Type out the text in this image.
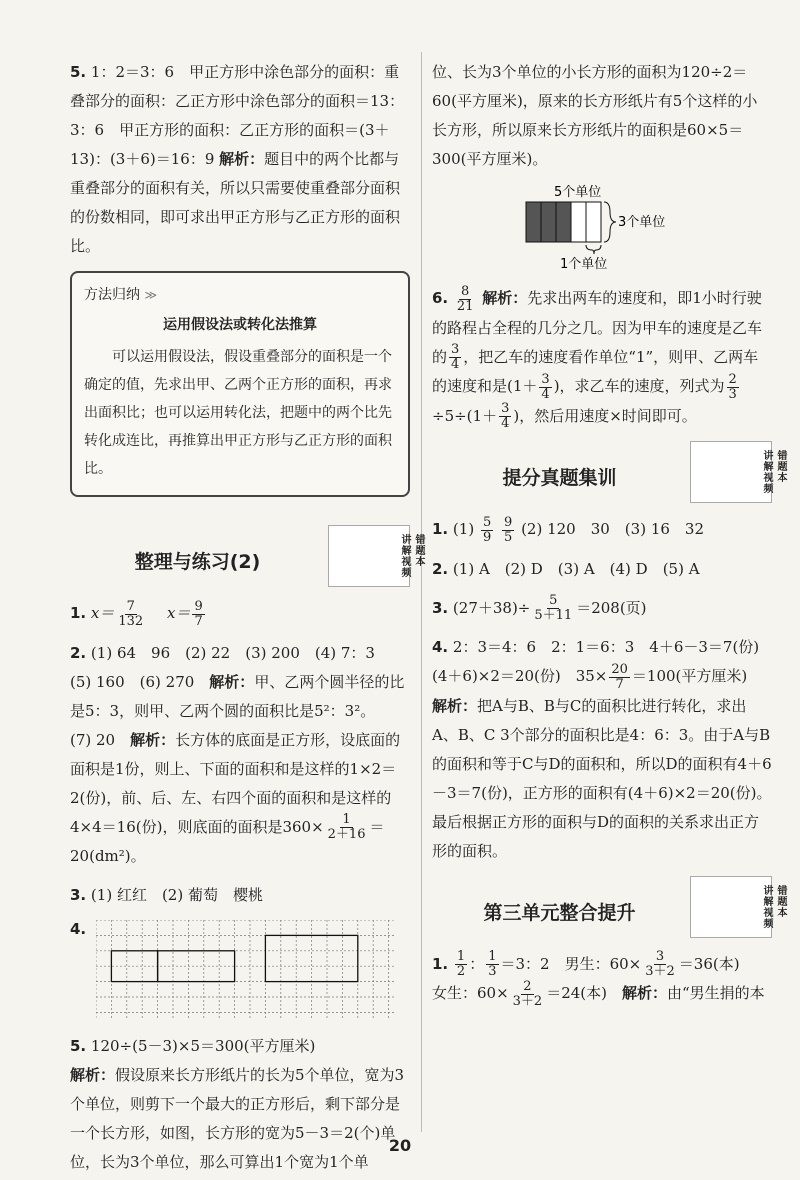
5. 1：2＝3：6　甲正方形中涂色部分的面积：重叠部分的面积：乙正方形中涂色部分的面积＝13：3：6　甲正方形的面积：乙正方形的面积＝(3＋13)：(3＋6)＝16：9 解析：题目中的两个比都与重叠部分的面积有关，所以只需要使重叠部分面积的份数相同，即可求出甲正方形与乙正方形的面积比。
方法归纳 ≫
运用假设法或转化法推算
可以运用假设法，假设重叠部分的面积是一个确定的值，先求出甲、乙两个正方形的面积，再求出面积比；也可以运用转化法，把题中的两个比先转化成连比，再推算出甲正方形与乙正方形的面积比。
整理与练习(2)
错题本
讲解视频
1. $x= \frac{7}{132}$
　 $x= \frac{9}{7}$
2. (1) 64　96　(2) 22　(3) 200　(4) 7：3　(5) 160　(6) 270　解析：甲、乙两个圆半径的比是5：3，则甲、乙两个圆的面积比是5²：3²。
(7) 20　解析：长方体的底面是正方形，设底面的面积是1份，则上、下面的面积和是这样的1×2＝2(份)，前、后、左、右四个面的面积和是这样的4×4＝16(份)，则底面的面积是$360\times \frac{1}{2+16} =20(dm^2)$。
3. (1) 红红　(2) 葡萄　樱桃
4.
5. 120÷(5－3)×5＝300(平方厘米)
解析：假设原来长方形纸片的长为5个单位，宽为3个单位，则剪下一个最大的正方形后，剩下部分是一个长方形，如图，长方形的宽为5－3＝2(个)单位，长为3个单位，那么可算出1个宽为1个单
位、长为3个单位的小长方形的面积为120÷2＝60(平方厘米)，原来的长方形纸片有5个这样的小长方形，所以原来长方形纸片的面积是60×5＝300(平方厘米)。
5个单位
3个单位
1个单位
6. $\frac{8}{21}$ 解析：先求出两车的速度和，即1小时行驶的路程占全程的几分之几。因为甲车的速度是乙车的 $\frac{3}{4}$ ，把乙车的速度看作单位“1”，则甲、乙两车的速度和是($1+ \frac{3}{4}$ )，求乙车的速度，列式为 $\frac{2}{3}$
$\div 5\div(1+ \frac{3}{4}$ )，然后用速度×时间即可。
提分真题集训
错题本
讲解视频
1. $(1) \frac{5}{9}$
$\frac{9}{5} (2)$ 120　30　(3) 16　32
2. (1) A　(2) D　(3) A　(4) D　(5) A
3. $(27+38)\div \frac{5}{5+11} =208$(页)
4. 2：3＝4：6　2：1＝6：3　4＋6－3＝7(份)
(4＋6)×2＝20(份)　$35\times \frac{20}{7} =100$(平方厘米)
解析：把A与B、B与C的面积比进行转化，求出A、B、C 3个部分的面积比是4：6：3。由于A与B的面积和等于C与D的面积和，所以D的面积有4＋6－3＝7(份)，正方形的面积有(4＋6)×2＝20(份)。最后根据正方形的面积与D的面积的关系求出正方形的面积。
第三单元整合提升
错题本
讲解视频
1. $\frac{1}{2}$ ： $\frac{1}{3} =3$：2　男生：$60\times \frac{3}{3+2} =36$(本)
女生：$60\times \frac{2}{3+2} =24$(本)　解析：由“男生捐的本
20
